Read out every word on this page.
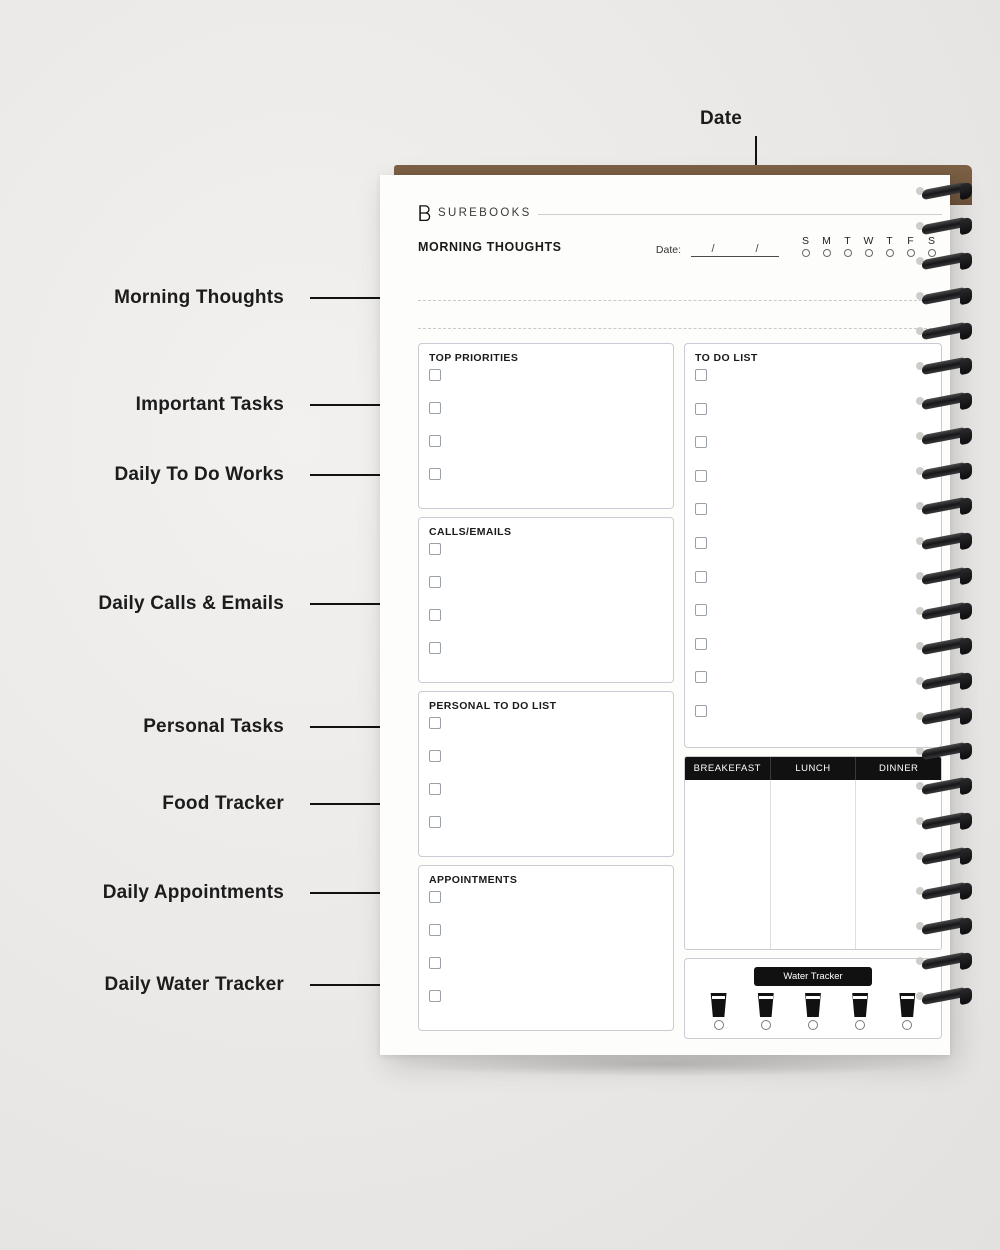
Date
Morning Thoughts
Important Tasks
Daily To Do Works
Daily Calls & Emails
Personal Tasks
Food Tracker
Daily Appointments
Daily Water Tracker
SUREBOOKS
MORNING THOUGHTS	Date:	/	/
S	M	T	W	T	F	S
TOP PRIORITIES
CALLS/EMAILS
PERSONAL TO DO LIST
APPOINTMENTS
TO DO LIST
BREAKEFAST	LUNCH	DINNER
Water Tracker
